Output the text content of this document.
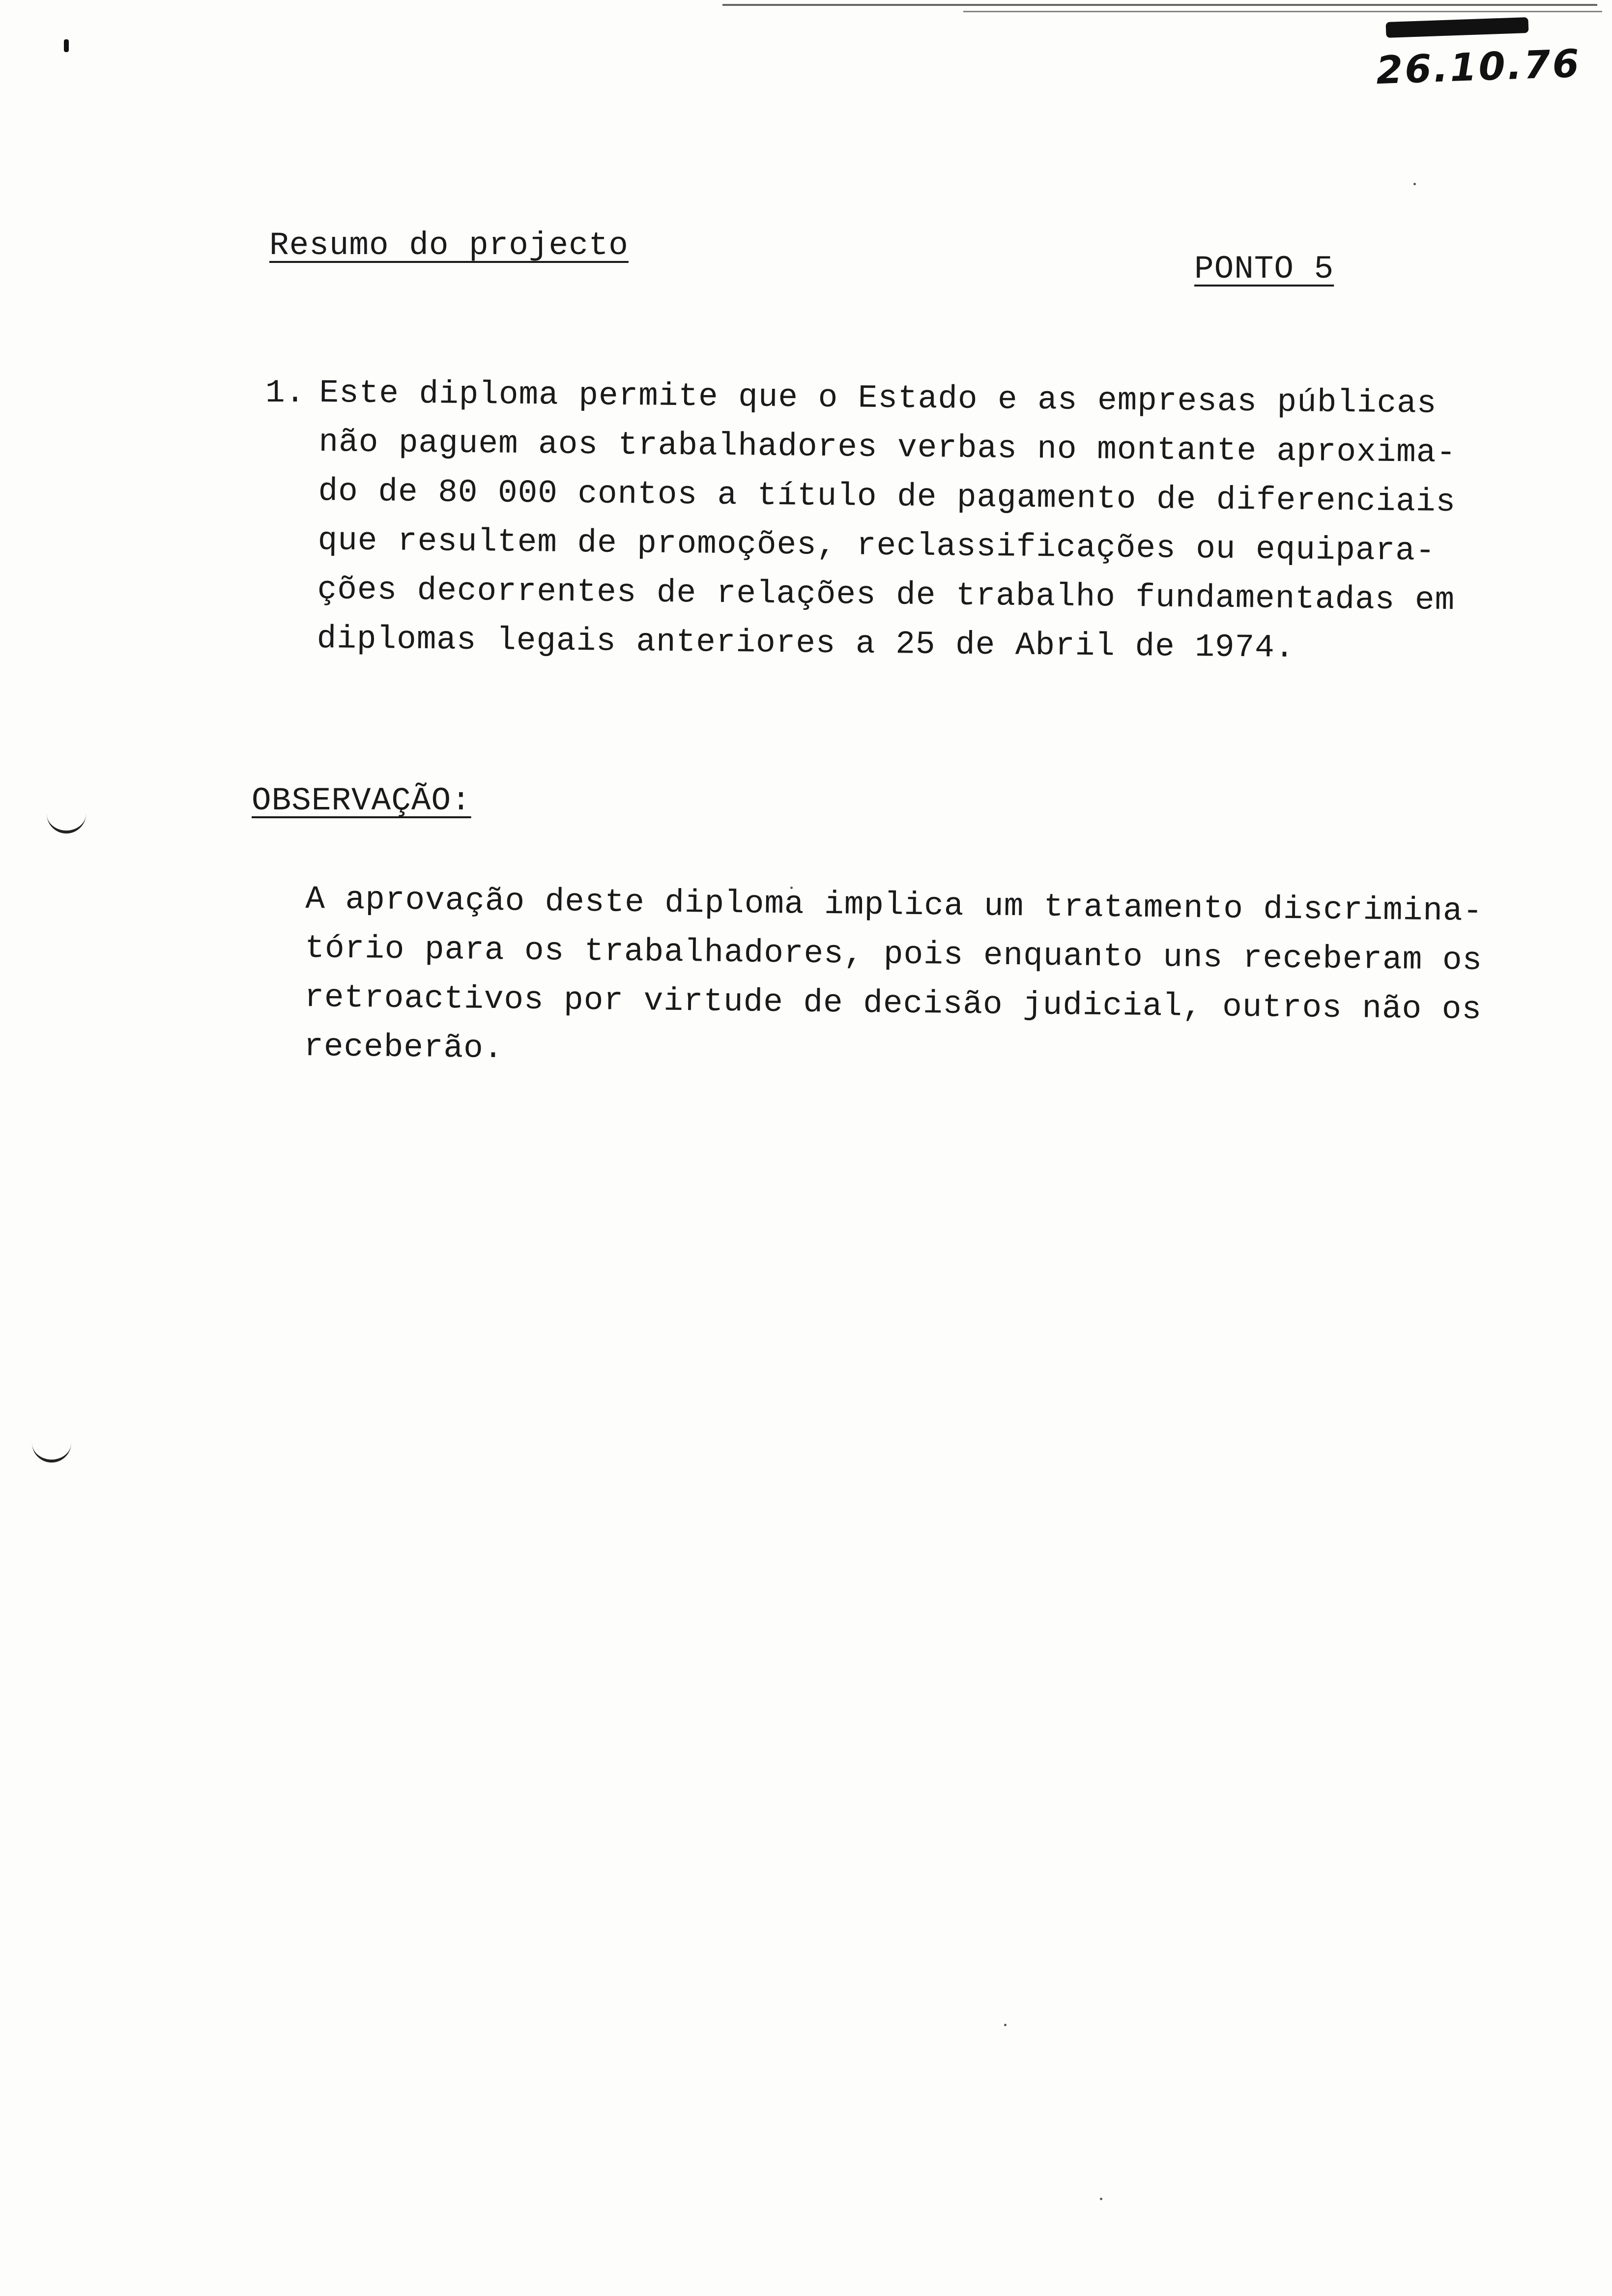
26.10.76
Resumo do projecto
PONTO 5
1. Este diploma permite que o Estado e as empresas públicas
não paguem aos trabalhadores verbas no montante aproxima-
do de 80 000 contos a título de pagamento de diferenciais
que resultem de promoções, reclassificações ou equipara-
ções decorrentes de relações de trabalho fundamentadas em
diplomas legais anteriores a 25 de Abril de 1974.
OBSERVAÇÃO:
A aprovação deste diploma implica um tratamento discrimina-
tório para os trabalhadores, pois enquanto uns receberam os
retroactivos por virtude de decisão judicial, outros não os
receberão.
